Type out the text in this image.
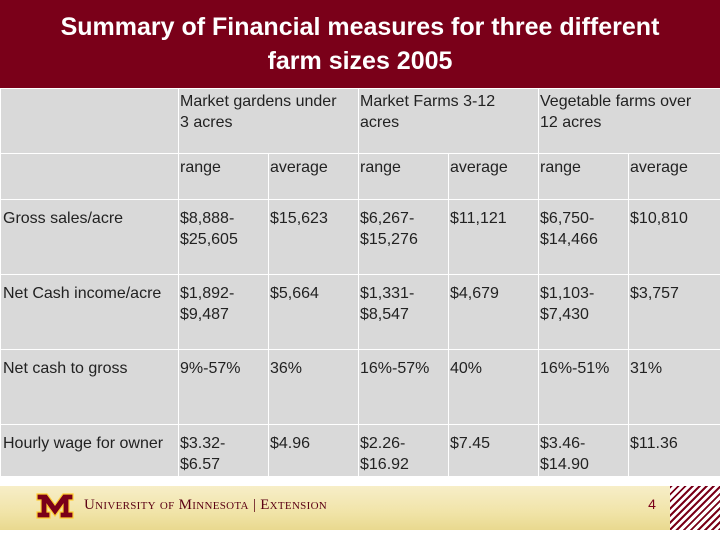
Summary of Financial measures for three different
farm sizes 2005
	Market gardens under
3 acres		Market Farms 3-12
acres		Vegetable farms over
12 acres	
	range	average	range	average	range	average
Gross sales/acre	$8,888-
$25,605	$15,623	$6,267-
$15,276	$11,121	$6,750-
$14,466	$10,810
Net Cash income/acre	$1,892-
$9,487	$5,664	$1,331-
$8,547	$4,679	$1,103-
$7,430	$3,757
Net cash to gross	9%-57%	36%	16%-57%	40%	16%-51%	31%
Hourly wage for owner	$3.32-
$6.57	$4.96	$2.26-
$16.92	$7.45	$3.46-
$14.90	$11.36
University of Minnesota | Extension	4
